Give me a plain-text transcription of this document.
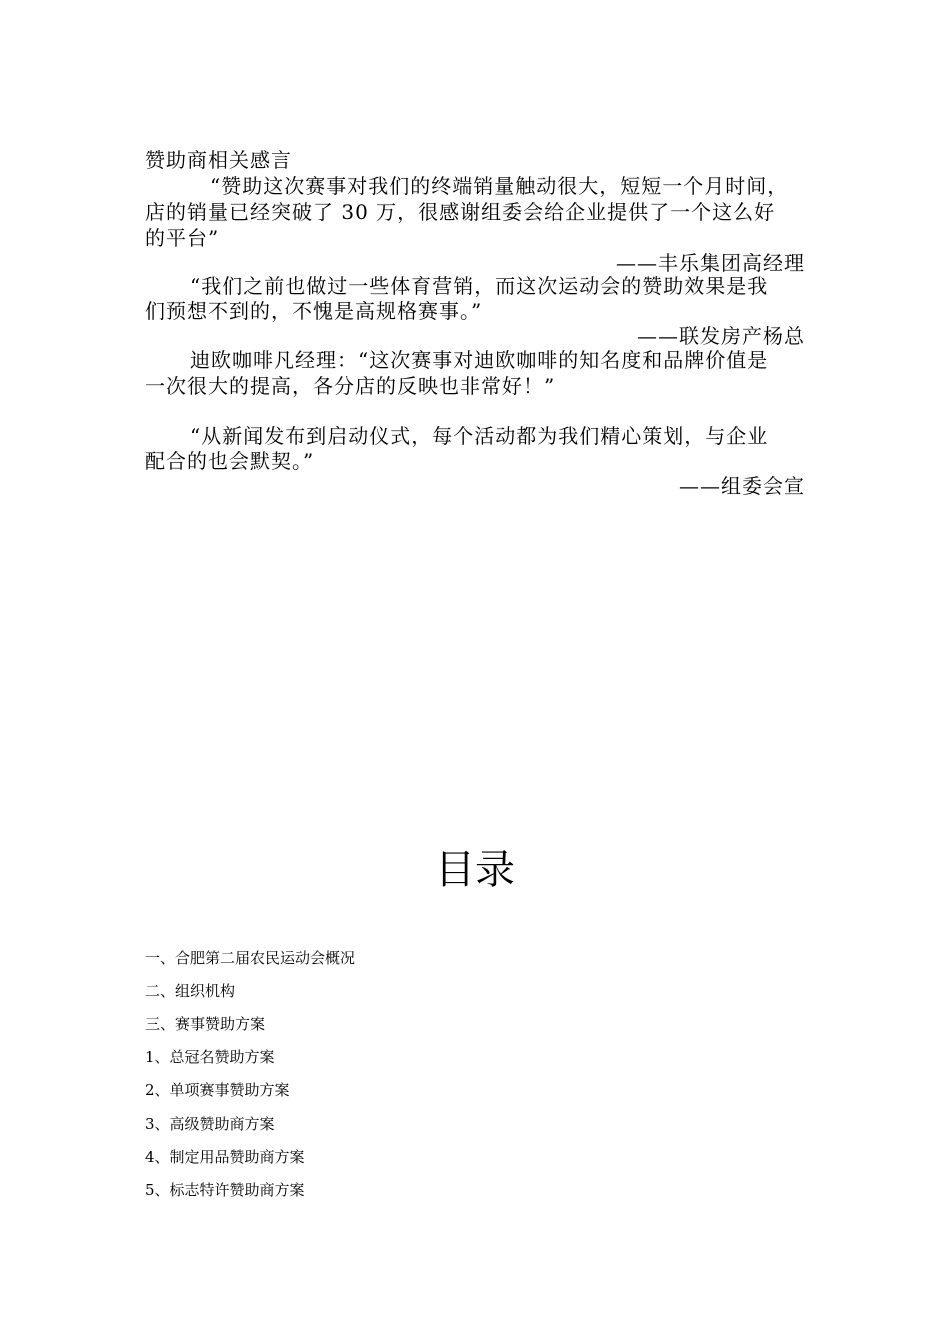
赞助商相关感言
“赞助这次赛事对我们的终端销量触动很大，短短一个月时间，
店的销量已经突破了 30 万，很感谢组委会给企业提供了一个这么好
的平台”
——丰乐集团高经理
“我们之前也做过一些体育营销，而这次运动会的赞助效果是我
们预想不到的，不愧是高规格赛事。”
——联发房产杨总
迪欧咖啡凡经理：“这次赛事对迪欧咖啡的知名度和品牌价值是
一次很大的提高，各分店的反映也非常好！”
“从新闻发布到启动仪式，每个活动都为我们精心策划，与企业
配合的也会默契。”
——组委会宣
目录
一、合肥第二届农民运动会概况
二、组织机构
三、赛事赞助方案
1、总冠名赞助方案
2、单项赛事赞助方案
3、高级赞助商方案
4、制定用品赞助商方案
5、标志特许赞助商方案
